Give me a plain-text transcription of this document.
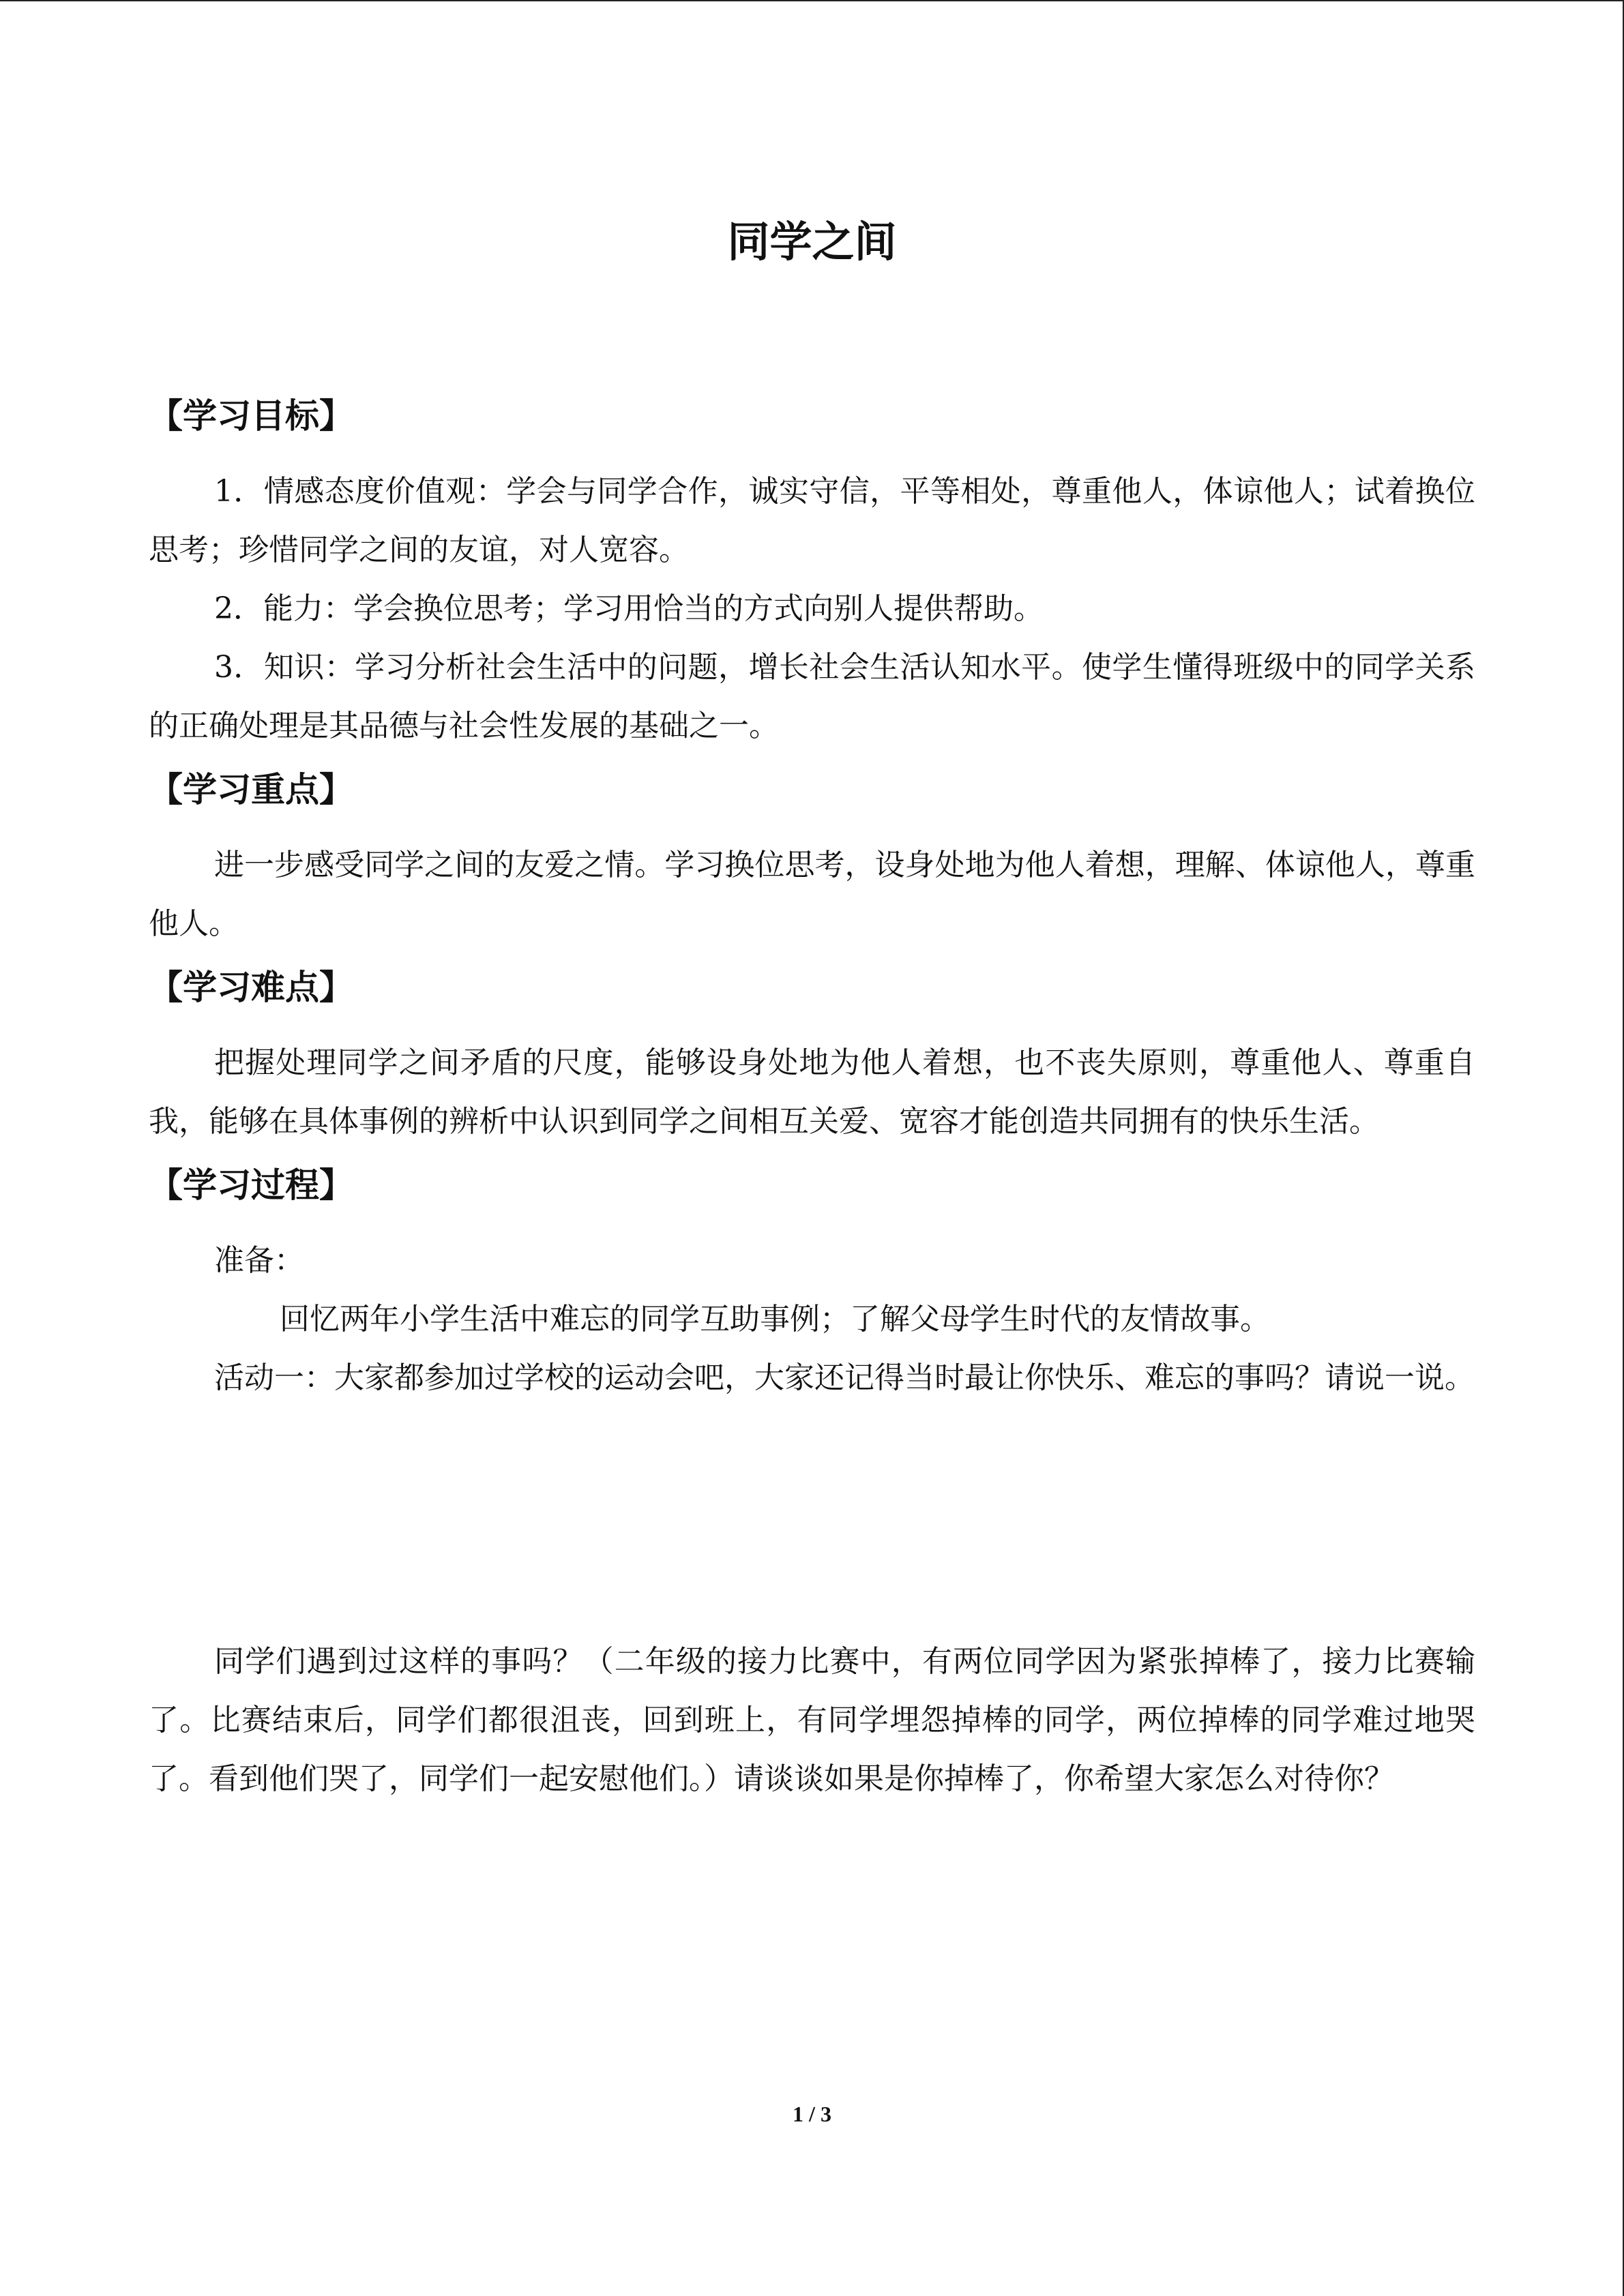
同学之间
【学习目标】

1．情感态度价值观：学会与同学合作，诚实守信，平等相处，尊重他人，体谅他人；试着换位思考；珍惜同学之间的友谊，对人宽容。

2．能力：学会换位思考；学习用恰当的方式向别人提供帮助。

3．知识：学习分析社会生活中的问题，增长社会生活认知水平。使学生懂得班级中的同学关系的正确处理是其品德与社会性发展的基础之一。

【学习重点】

进一步感受同学之间的友爱之情。学习换位思考，设身处地为他人着想，理解、体谅他人，尊重他人。

【学习难点】

把握处理同学之间矛盾的尺度，能够设身处地为他人着想，也不丧失原则，尊重他人、尊重自我，能够在具体事例的辨析中认识到同学之间相互关爱、宽容才能创造共同拥有的快乐生活。

【学习过程】

准备：

回忆两年小学生活中难忘的同学互助事例；了解父母学生时代的友情故事。

活动一：大家都参加过学校的运动会吧，大家还记得当时最让你快乐、难忘的事吗？请说一说。

同学们遇到过这样的事吗？（二年级的接力比赛中，有两位同学因为紧张掉棒了，接力比赛输了。比赛结束后，同学们都很沮丧，回到班上，有同学埋怨掉棒的同学，两位掉棒的同学难过地哭了。看到他们哭了，同学们一起安慰他们。）请谈谈如果是你掉棒了，你希望大家怎么对待你？

1 / 3
